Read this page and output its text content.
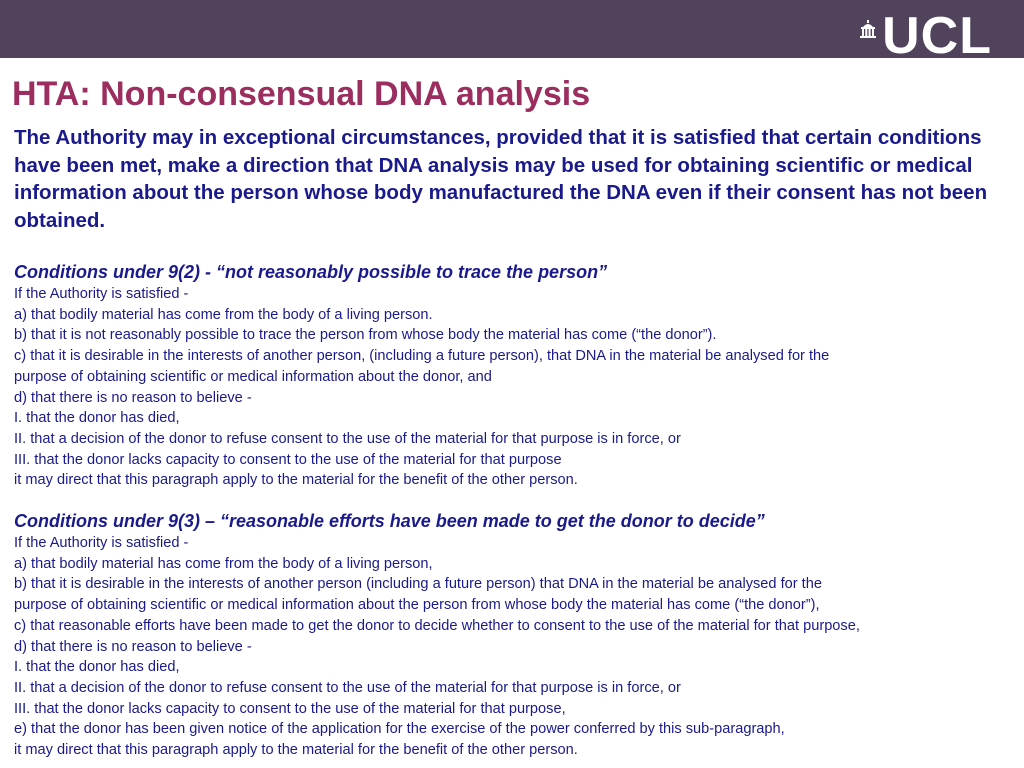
UCL
HTA: Non-consensual DNA analysis

The Authority may in exceptional circumstances, provided that it is satisfied that certain conditions have been met, make a direction that DNA analysis may be used for obtaining scientific or medical information about the person whose body manufactured the DNA even if their consent has not been obtained.

Conditions under 9(2) - “not reasonably possible to trace the person”
If the Authority is satisfied -
a) that bodily material has come from the body of a living person.
b) that it is not reasonably possible to trace the person from whose body the material has come (“the donor”).
c) that it is desirable in the interests of another person, (including a future person), that DNA in the material be analysed for the
purpose of obtaining scientific or medical information about the donor, and
d) that there is no reason to believe -
I. that the donor has died,
II. that a decision of the donor to refuse consent to the use of the material for that purpose is in force, or
III. that the donor lacks capacity to consent to the use of the material for that purpose
it may direct that this paragraph apply to the material for the benefit of the other person.
Conditions under 9(3) – “reasonable efforts have been made to get the donor to decide”
If the Authority is satisfied -
a) that bodily material has come from the body of a living person,
b) that it is desirable in the interests of another person (including a future person) that DNA in the material be analysed for the
purpose of obtaining scientific or medical information about the person from whose body the material has come (“the donor”),
c) that reasonable efforts have been made to get the donor to decide whether to consent to the use of the material for that purpose,
d) that there is no reason to believe -
I. that the donor has died,
II. that a decision of the donor to refuse consent to the use of the material for that purpose is in force, or
III. that the donor lacks capacity to consent to the use of the material for that purpose,
e) that the donor has been given notice of the application for the exercise of the power conferred by this sub-paragraph,
it may direct that this paragraph apply to the material for the benefit of the other person.
